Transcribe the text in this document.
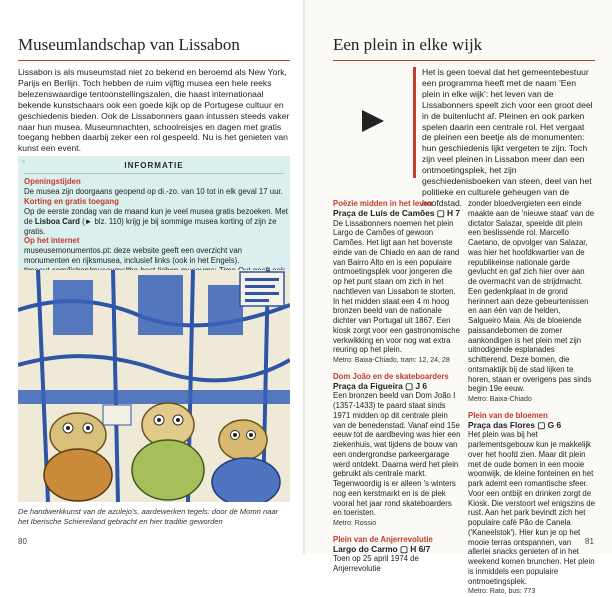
Museumlandschap van Lissabon
Lissabon is als museumstad niet zo bekend en beroemd als New York, Parijs en Berlijn. Toch hebben de ruim vijftig musea een hele reeks belezenswaardige tentoonstellingszalen, die haast internationaal bekende kunstschaars ook een goede kijk op de Portugese cultuur en geschiedenis bieden. Ook de Lissabonners gaan intussen steeds vaker naar hun musea. Museumnachten, schoolreisjes en dagen met gratis toegang hebben daarbij zeker een rol gespeeld. Nu is het genieten van kunst een event.
INFORMATIE
Openingstijden
De musea zijn doorgaans geopend op di.-zo. van 10 tot in elk geval 17 uur.
Korting en gratis toegang
Op de eerste zondag van de maand kun je veel musea gratis bezoeken. Met de Lisboa Card (► blz. 110) krijg je bij sommige musea korting of zijn ze gratis.
Op het internet
museusemonumentos.pt: deze website geeft een overzicht van monumenten en rijksmusea, inclusief links (ook in het Engels).
De handwerkkunst van de azulejo's, aardewerken tegels: door de Momn naar het Iberische Schiereiland gebracht en hier traditie geworden
80
Een plein in elke wijk
Het is geen toeval dat het gemeentebestuur een programma heeft met de naam 'Een plein in elke wijk': het leven van de Lissabonners speelt zich voor een groot deel in de buitenlucht af. Pleinen en ook parken spelen daarin een centrale rol. Het vergaat de pleinen een beetje als de monumenten: hun geschiedenis lijkt vergeten te zijn. Toch zijn veel pleinen in Lissabon meer dan een ontmoetingsplek, het zijn geschiedenisboeken van steen, deel van het politieke en culturele geheugen van de hoofdstad.
Poëzie midden in het leven
Praça de Luís de Camões ▢ H 7
De Lissabonners noemen het plein Largo de Camões of gewoon Camões. Het ligt aan het bovenste einde van de Chiado en aan de rand van Bairro Alto en is een populaire ontmoetingsplek voor jongeren die op het punt staan om zich in het nachtleven van Lissabon te storten. In het midden staat een 4 m hoog bronzen beeld van de nationale dichter van Portugal uit 1867. Een kiosk zorgt voor een gastronomische verkwikking en voor nog wat extra reuring op het plein.
Metro: Baixa-Chiado, tram: 12, 24, 28
Dom João en de skateboarders
Praça da Figueira ▢ J 6
Een bronzen beeld van Dom João I (1357-1433) te paard staat sinds 1971 midden op dit centrale plein van de benedenstad. Vanaf eind 15e eeuw tot de aardbeving was hier een ziekenhuis, wat tijdens de bouw van een ondergrondse parkeergarage werd ontdekt. Daarna werd het plein gebruikt als centrale markt. Tegenwoordig is er alleen 's winters nog een kerstmarkt en is de plek vooral het jaar rond skateboarders en toeristen.
Metro: Rossio
Plein van de Anjerrevolutie
Largo do Carmo ▢ H 6/7
Toen op 25 april 1974 de Anjerrevolutie
zonder bloedvergieten een einde maakte aan de 'nieuwe staat' van de dictator Salazar, speelde dit plein een beslissende rol. Marcello Caetano, de opvolger van Salazar, was hier het hoofdkwartier van de republikeinse nationale garde gevlucht en gaf zich hier over aan de overmacht van de strijdmacht. Een gedenkplaat in de grond herinnert aan deze gebeurtenissen en aan één van de helden, Salgueiro Maia. Als de bloeiende paissandebomen de zomer aankondigen is het plein met zijn uitnodigende esplanades schitterend. Deze bomen, die ontsmaktijk bij de stad lijken te horen, staan er overigens pas sinds begin 19e eeuw.
Metro: Baixa-Chiado
Plein van de bloemen
Praça das Flores ▢ G 6
Het plein was bij het parlementsgebouw kun je makkelijk over het hoofd zien. Maar dit plein met de oude bomen in een mooie woonwijk, de kleine fonteinen en het park ademt een romantische sfeer. Voor een ontbijt en drinken zorgt de Kiosk. Die verstoort wel enigszins de rust. Aan het park bevindt zich het populaire café Pão de Canela ('Kaneelstok'). Hier kun je op het mooie terras ontspannen, van allerlei snacks genieten of in het weekend komen brunchen. Het plein is inmiddels een populaire ontmoetingsplek.
Metro: Rato, bus: 773
81
